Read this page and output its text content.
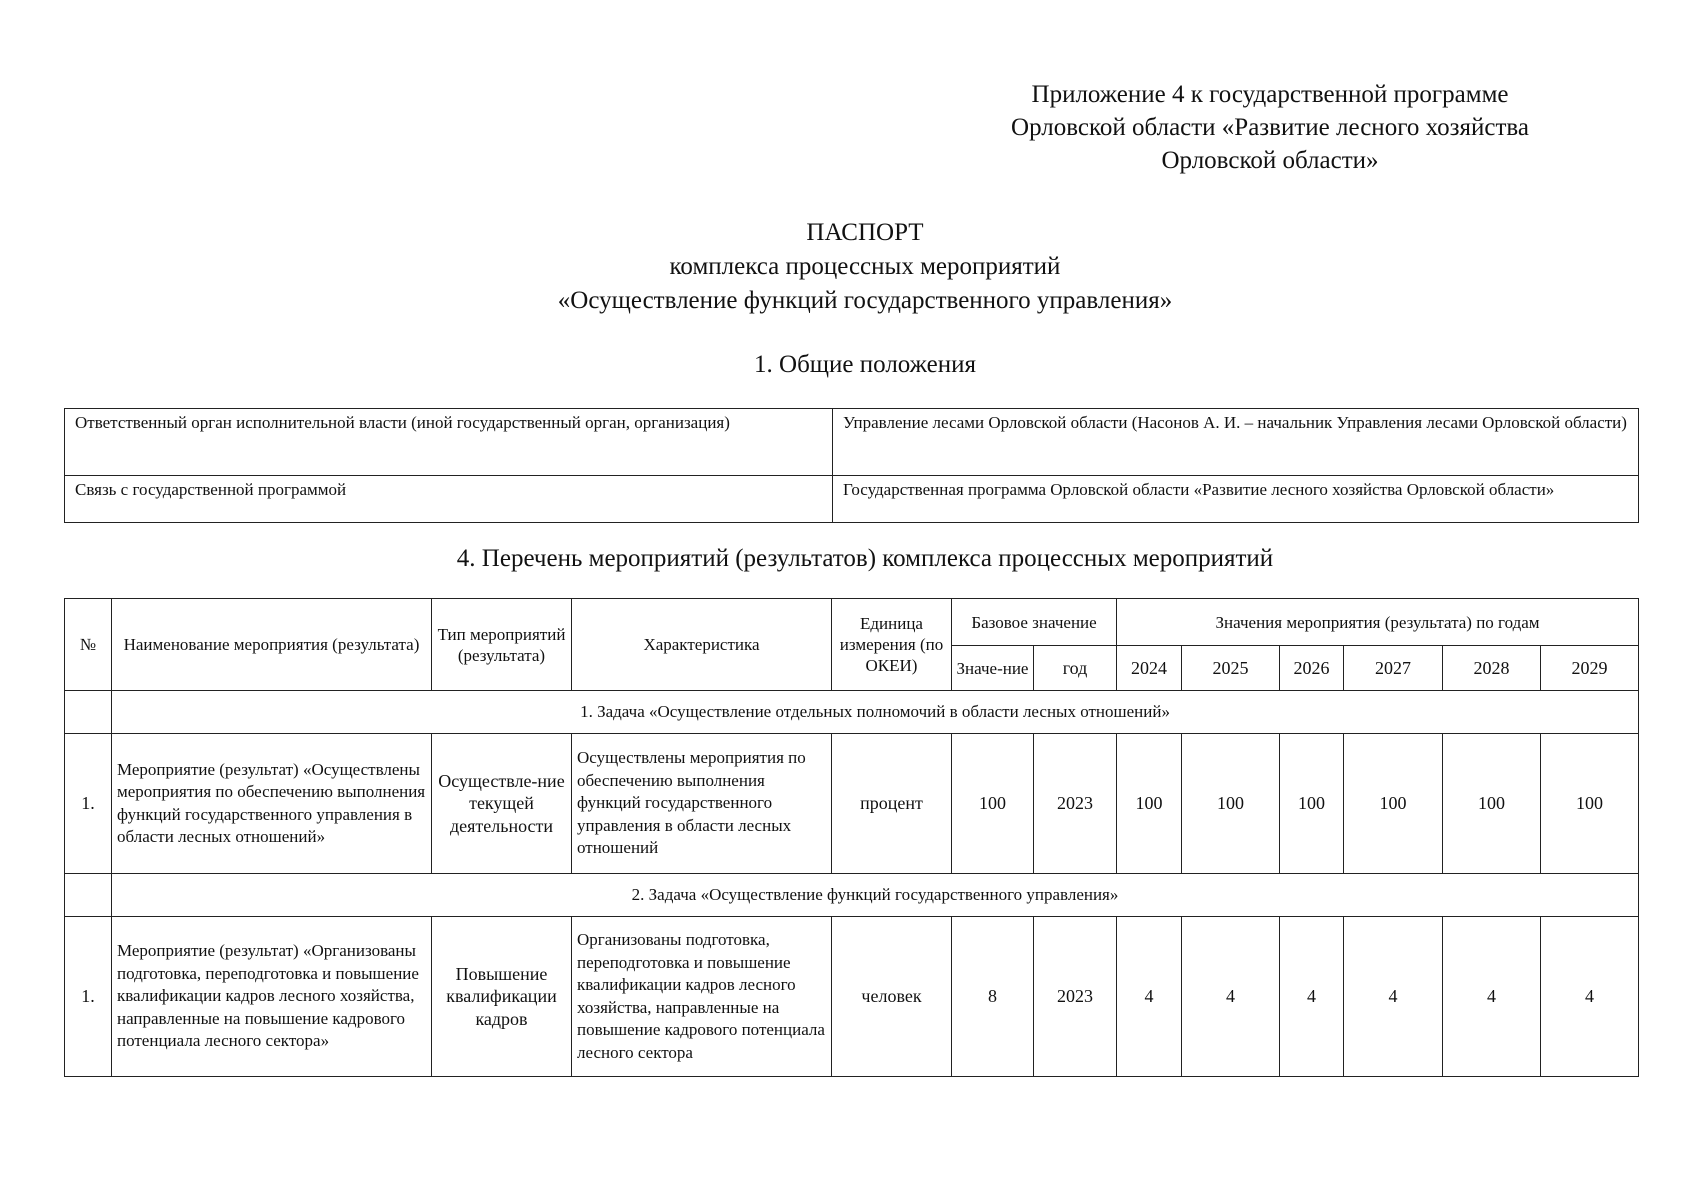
Приложение 4 к государственной программе
Орловской области «Развитие лесного хозяйства
Орловской области»
ПАСПОРТ
комплекса процессных мероприятий
«Осуществление функций государственного управления»
1. Общие положения
Ответственный орган исполнительной власти (иной государственный орган, организация)	Управление лесами Орловской области (Насонов А. И. – начальник Управления лесами Орловской области)
Связь с государственной программой	Государственная программа Орловской области «Развитие лесного хозяйства Орловской области»
4. Перечень мероприятий (результатов) комплекса процессных мероприятий
№	Наименование мероприятия (результата)	Тип мероприятий (результата)	Характеристика	Единица измерения (по ОКЕИ)	Базовое значение		Значения мероприятия (результата) по годам					
					Значе-ние	год	2024	2025	2026	2027	2028	2029
	1. Задача «Осуществление отдельных полномочий в области лесных отношений»											
1.	Мероприятие (результат) «Осуществлены мероприятия по обеспечению выполнения функций государственного управления в области лесных отношений»	Осуществле-ние текущей деятельности	Осуществлены мероприятия по обеспечению выполнения функций государственного управления в области лесных отношений	процент	100	2023	100	100	100	100	100	100
	2. Задача «Осуществление функций государственного управления»											
1.	Мероприятие (результат) «Организованы подготовка, переподготовка и повышение квалификации кадров лесного хозяйства, направленные на повышение кадрового потенциала лесного сектора»	Повышение квалификации кадров	Организованы подготовка, переподготовка и повышение квалификации кадров лесного хозяйства, направленные на повышение кадрового потенциала лесного сектора	человек	8	2023	4	4	4	4	4	4
